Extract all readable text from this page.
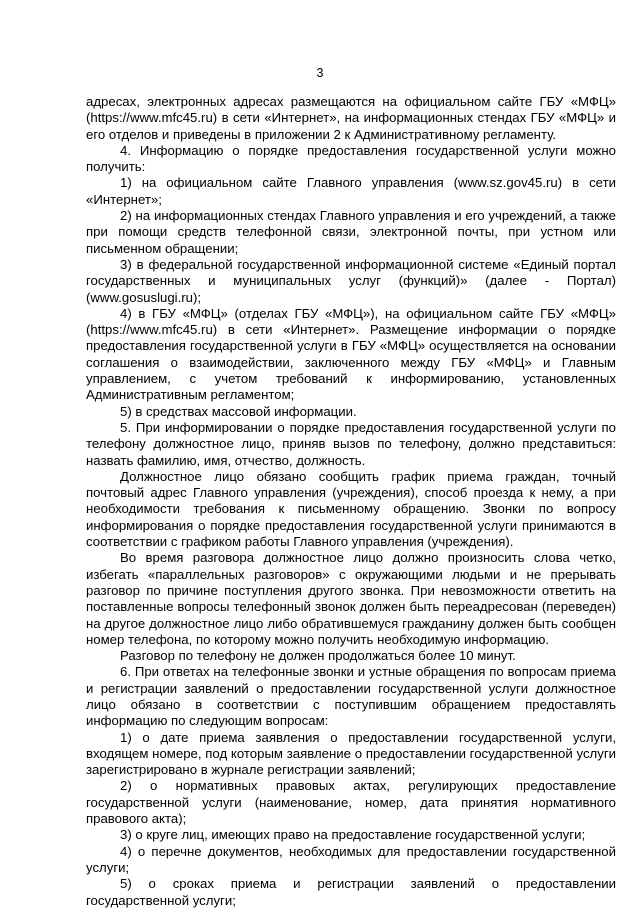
3

адресах, электронных адресах размещаются на официальном сайте ГБУ «МФЦ» (https://www.mfc45.ru) в сети «Интернет», на информационных стендах ГБУ «МФЦ» и его отделов и приведены в приложении 2 к Административному регламенту.

4. Информацию о порядке предоставления государственной услуги можно получить:

1) на официальном сайте Главного управления (www.sz.gov45.ru) в сети «Интернет»;

2) на информационных стендах Главного управления и его учреждений, а также при помощи средств телефонной связи, электронной почты, при устном или письменном обращении;

3) в федеральной государственной информационной системе «Единый портал государственных и муниципальных услуг (функций)» (далее - Портал) (www.gosuslugi.ru);

4) в ГБУ «МФЦ» (отделах ГБУ «МФЦ»), на официальном сайте ГБУ «МФЦ» (https://www.mfc45.ru) в сети «Интернет». Размещение информации о порядке предоставления государственной услуги в ГБУ «МФЦ» осуществляется на основании соглашения о взаимодействии, заключенного между ГБУ «МФЦ» и Главным управлением, с учетом требований к информированию, установленных Административным регламентом;

5) в средствах массовой информации.

5. При информировании о порядке предоставления государственной услуги по телефону должностное лицо, приняв вызов по телефону, должно представиться: назвать фамилию, имя, отчество, должность.

Должностное лицо обязано сообщить график приема граждан, точный почтовый адрес Главного управления (учреждения), способ проезда к нему, а при необходимости требования к письменному обращению. Звонки по вопросу информирования о порядке предоставления государственной услуги принимаются в соответствии с графиком работы Главного управления (учреждения).

Во время разговора должностное лицо должно произносить слова четко, избегать «параллельных разговоров» с окружающими людьми и не прерывать разговор по причине поступления другого звонка. При невозможности ответить на поставленные вопросы телефонный звонок должен быть переадресован (переведен) на другое должностное лицо либо обратившемуся гражданину должен быть сообщен номер телефона, по которому можно получить необходимую информацию.

Разговор по телефону не должен продолжаться более 10 минут.

6. При ответах на телефонные звонки и устные обращения по вопросам приема и регистрации заявлений о предоставлении государственной услуги должностное лицо обязано в соответствии с поступившим обращением предоставлять информацию по следующим вопросам:

1) о дате приема заявления о предоставлении государственной услуги, входящем номере, под которым заявление о предоставлении государственной услуги зарегистрировано в журнале регистрации заявлений;

2) о нормативных правовых актах, регулирующих предоставление государственной услуги (наименование, номер, дата принятия нормативного правового акта);

3) о круге лиц, имеющих право на предоставление государственной услуги;

4) о перечне документов, необходимых для предоставлении государственной услуги;

5) о сроках приема и регистрации заявлений о предоставлении государственной услуги;
